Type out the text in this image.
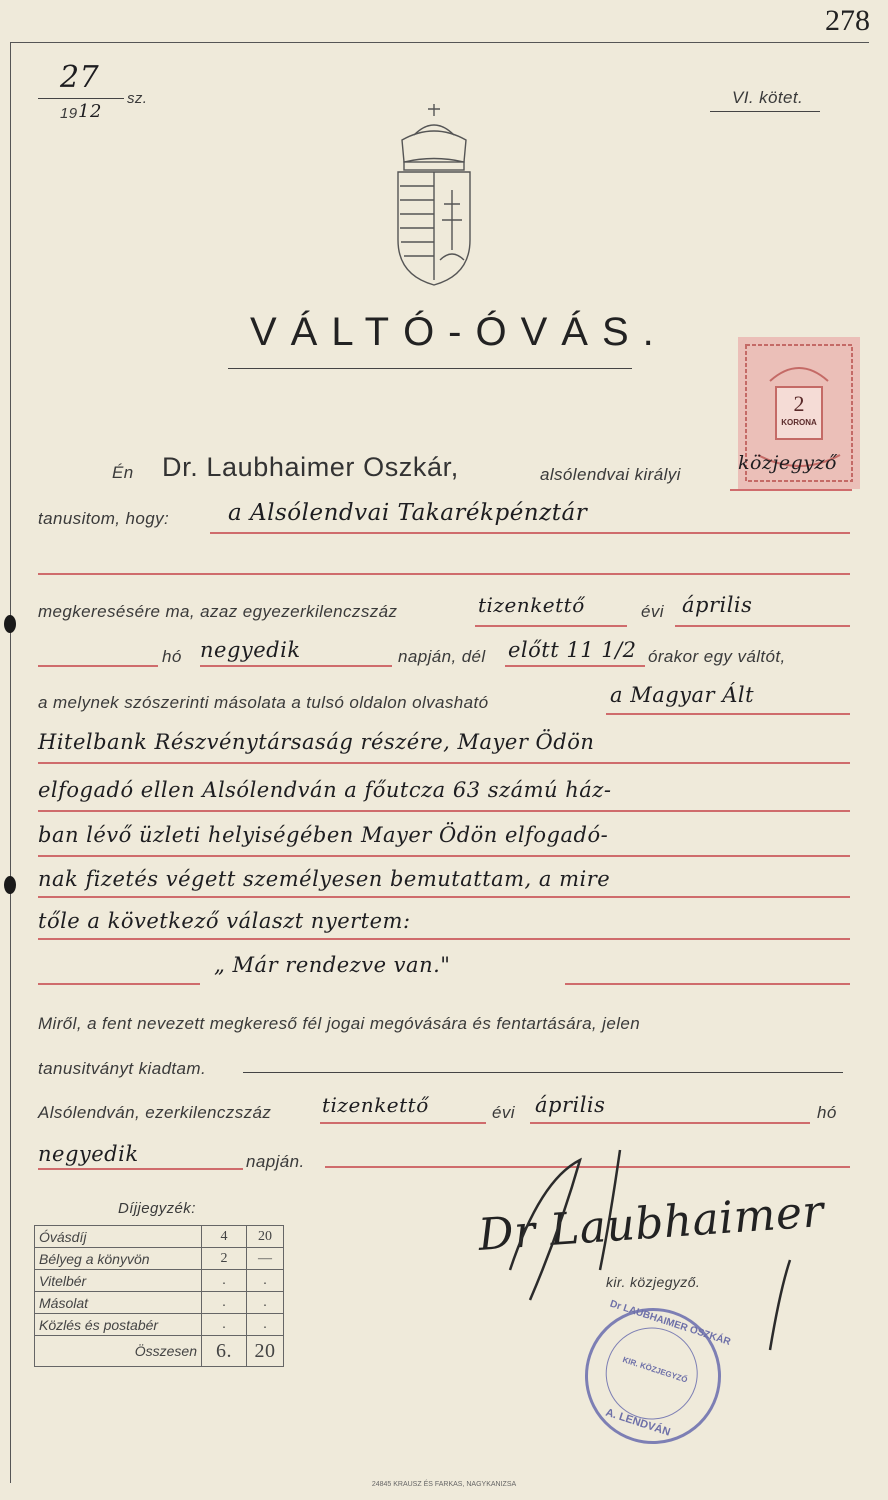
278
27
sz.
19 12
VI. kötet.
VÁLTÓ-ÓVÁS.
2
KORONA
Én Dr. Laubhaimer Oszkár,	alsólendvai királyi
közjegyző
tanusitom, hogy:	a Alsólendvai Takarékpénztár
megkeresésére ma, azaz egyezerkilenczszáz	tizenkettő	évi április
hó negyedik	napján, dél előtt 11 1/2 órakor egy váltót,
a melynek szószerinti másolata a tulsó oldalon olvasható	a Magyar Ált
Hitelbank Részvénytársaság részére, Mayer Ödön
elfogadó ellen Alsólendván a főutcza 63 számú ház-
ban lévő üzleti helyiségében Mayer Ödön elfogadó-
nak fizetés végett személyesen bemutattam, a mire
tőle a következő választ nyertem:
„ Már rendezve van."
Miről, a fent nevezett megkereső fél jogai megóvására és fentartására, jelen
tanusitványt kiadtam.
Alsólendván, ezerkilenczszáz	tizenkettő	évi április	hó
negyedik	napján.
Díjjegyzék:
Óvásdíj	4	20
Bélyeg a könyvön	2	—
Vitelbér	.	.
Másolat	.	.
Közlés és postabér	.	.
Összesen	6.	20
Dr Laubhaimer
kir. közjegyző.
Dr LAUBHAIMER OSZKÁR
KIR. KÖZJEGYZŐ
A. LENDVÁN
24845 KRAUSZ ÉS FARKAS, NAGYKANIZSA
